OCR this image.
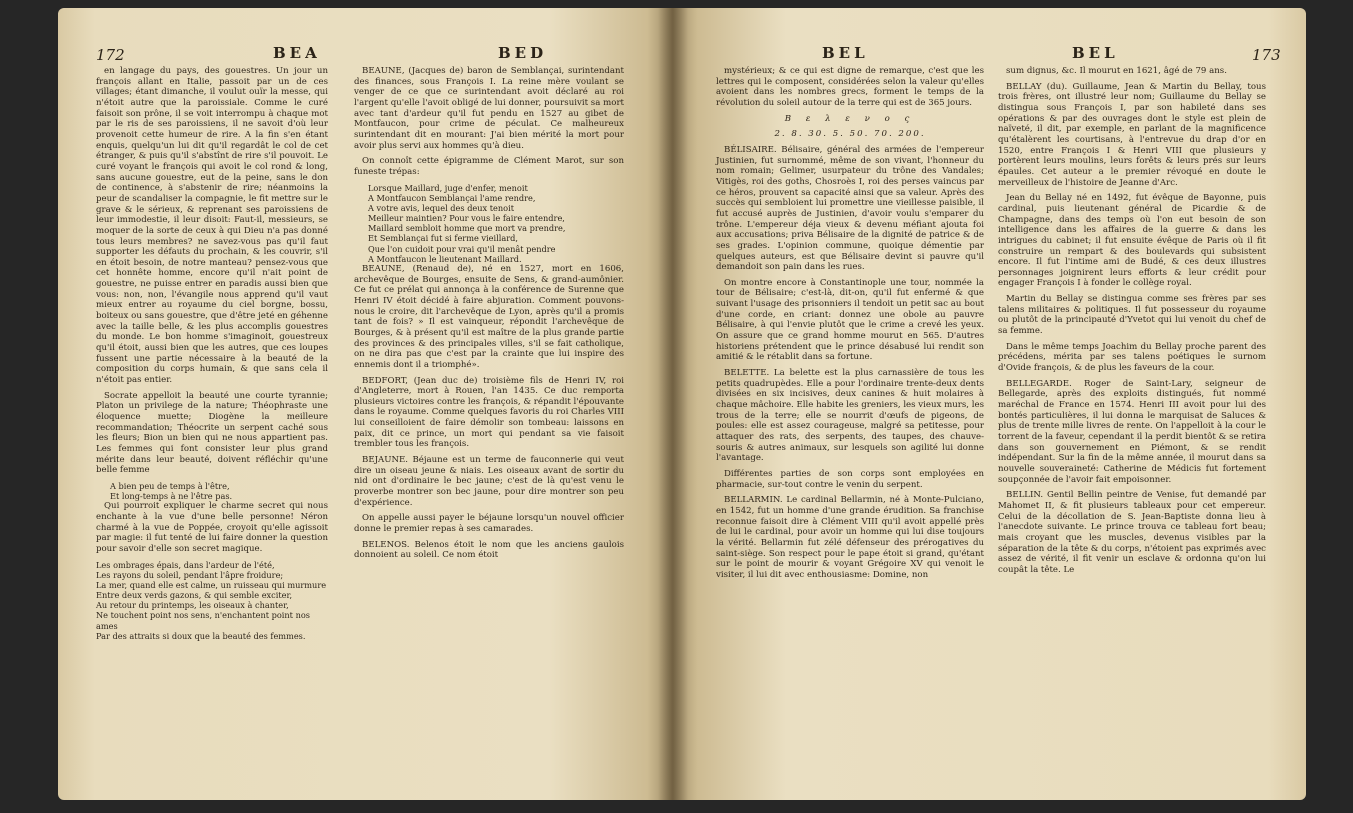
172	BEA	BED

en langage du pays, des gouestres. Un jour un françois allant en Italie, passoit par un de ces villages; étant dimanche, il voulut ouïr la messe, qui n'étoit autre que la paroissiale. Comme le curé faisoit son prône, il se voit interrompu à chaque mot par le ris de ses paroissiens, il ne savoit d'où leur provenoit cette humeur de rire. A la fin s'en étant enquis, quelqu'un lui dit qu'il regardât le col de cet étranger, & puis qu'il s'abstînt de rire s'il pouvoit. Le curé voyant le françois qui avoit le col rond & long, sans aucune gouestre, eut de la peine, sans le don de continence, à s'abstenir de rire; néanmoins la peur de scandaliser la compagnie, le fit mettre sur le grave & le sérieux, & reprenant ses paroissiens de leur immodestie, il leur disoit: Faut-il, messieurs, se moquer de la sorte de ceux à qui Dieu n'a pas donné tous leurs membres? ne savez-vous pas qu'il faut supporter les défauts du prochain, & les couvrir, s'il en étoit besoin, de notre manteau? pensez-vous que cet honnête homme, encore qu'il n'ait point de gouestre, ne puisse entrer en paradis aussi bien que vous: non, non, l'évangile nous apprend qu'il vaut mieux entrer au royaume du ciel borgne, bossu, boiteux ou sans gouestre, que d'être jeté en géhenne avec la taille belle, & les plus accomplis gouestres du monde. Le bon homme s'imaginoit, gouestreux qu'il étoit, aussi bien que les autres, que ces loupes fussent une partie nécessaire à la beauté de la composition du corps humain, & que sans cela il n'étoit pas entier.

Socrate appelloit la beauté une courte tyrannie; Platon un privilege de la nature; Théophraste une éloquence muette; Diogène la meilleure recommandation; Théocrite un serpent caché sous les fleurs; Bion un bien qui ne nous appartient pas. Les femmes qui font consister leur plus grand mérite dans leur beauté, doivent réfléchir qu'une belle femme

A bien peu de temps à l'être,
Et long-temps à ne l'être pas.

Qui pourroit expliquer le charme secret qui nous enchante à la vue d'une belle personne! Néron charmé à la vue de Poppée, croyoit qu'elle agissoit par magie: il fut tenté de lui faire donner la question pour savoir d'elle son secret magique.

Les ombrages épais, dans l'ardeur de l'été,
Les rayons du soleil, pendant l'âpre froidure;
La mer, quand elle est calme, un ruisseau qui murmure
Entre deux verds gazons, & qui semble exciter,
Au retour du printemps, les oiseaux à chanter,
Ne touchent point nos sens, n'enchantent point nos ames
Par des attraits si doux que la beauté des femmes.

BEAUNE, (Jacques de) baron de Semblançai, surintendant des finances, sous François I. La reine mère voulant se venger de ce que ce surintendant avoit déclaré au roi l'argent qu'elle l'avoit obligé de lui donner, poursuivit sa mort avec tant d'ardeur qu'il fut pendu en 1527 au gibet de Montfaucon, pour crime de péculat. Ce malheureux surintendant dit en mourant: J'ai bien mérité la mort pour avoir plus servi aux hommes qu'à dieu.

On connoît cette épigramme de Clément Marot, sur son funeste trépas:

Lorsque Maillard, juge d'enfer, menoit
A Montfaucon Semblançai l'ame rendre,
A votre avis, lequel des deux tenoit
Meilleur maintien? Pour vous le faire entendre,
Maillard sembloit homme que mort va prendre,
Et Semblançai fut si ferme vieillard,
Que l'on cuidoit pour vrai qu'il menât pendre
A Montfaucon le lieutenant Maillard.

BEAUNE, (Renaud de), né en 1527, mort en 1606, archevêque de Bourges, ensuite de Sens, & grand-aumônier. Ce fut ce prélat qui annonça à la conférence de Surenne que Henri IV étoit décidé à faire abjuration. Comment pouvons-nous le croire, dit l'archevêque de Lyon, après qu'il a promis tant de fois? » Il est vainqueur, répondit l'archevêque de Bourges, & à présent qu'il est maître de la plus grande partie des provinces & des principales villes, s'il se fait catholique, on ne dira pas que c'est par la crainte que lui inspire des ennemis dont il a triomphé».

BEDFORT, (Jean duc de) troisième fils de Henri IV, roi d'Angleterre, mort à Rouen, l'an 1435. Ce duc remporta plusieurs victoires contre les françois, & répandit l'épouvante dans le royaume. Comme quelques favoris du roi Charles VIII lui conseilloient de faire démolir son tombeau: laissons en paix, dit ce prince, un mort qui pendant sa vie faisoit trembler tous les françois.

BEJAUNE. Béjaune est un terme de fauconnerie qui veut dire un oiseau jeune & niais. Les oiseaux avant de sortir du nid ont d'ordinaire le bec jaune; c'est de là qu'est venu le proverbe montrer son bec jaune, pour dire montrer son peu d'expérience.

On appelle aussi payer le béjaune lorsqu'un nouvel officier donne le premier repas à ses camarades.

BELENOS. Belenos étoit le nom que les anciens gaulois donnoient au soleil. Ce nom étoit

BEL	BEL	173

mystérieux; & ce qui est digne de remarque, c'est que les lettres qui le composent, considérées selon la valeur qu'elles avoient dans les nombres grecs, forment le temps de la révolution du soleil autour de la terre qui est de 365 jours.

Β ε λ ε ν ο ς

2. 8. 30. 5. 50. 70. 200.

BÉLISAIRE. Bélisaire, général des armées de l'empereur Justinien, fut surnommé, même de son vivant, l'honneur du nom romain; Gelimer, usurpateur du trône des Vandales; Vitigès, roi des goths, Chosroès I, roi des perses vaincus par ce héros, prouvent sa capacité ainsi que sa valeur. Après des succès qui sembloient lui promettre une vieillesse paisible, il fut accusé auprès de Justinien, d'avoir voulu s'emparer du trône. L'empereur déja vieux & devenu méfiant ajouta foi aux accusations; priva Bélisaire de la dignité de patrice & de ses grades. L'opinion commune, quoique démentie par quelques auteurs, est que Bélisaire devint si pauvre qu'il demandoit son pain dans les rues.

On montre encore à Constantinople une tour, nommée la tour de Bélisaire; c'est-là, dit-on, qu'il fut enfermé & que suivant l'usage des prisonniers il tendoit un petit sac au bout d'une corde, en criant: donnez une obole au pauvre Bélisaire, à qui l'envie plutôt que le crime a crevé les yeux. On assure que ce grand homme mourut en 565. D'autres historiens prétendent que le prince désabusé lui rendit son amitié & le rétablit dans sa fortune.

BELETTE. La belette est la plus carnassière de tous les petits quadrupèdes. Elle a pour l'ordinaire trente-deux dents divisées en six incisives, deux canines & huit molaires à chaque mâchoire. Elle habite les greniers, les vieux murs, les trous de la terre; elle se nourrit d'œufs de pigeons, de poules: elle est assez courageuse, malgré sa petitesse, pour attaquer des rats, des serpents, des taupes, des chauve-souris & autres animaux, sur lesquels son agilité lui donne l'avantage.

Différentes parties de son corps sont employées en pharmacie, sur-tout contre le venin du serpent.

BELLARMIN. Le cardinal Bellarmin, né à Monte-Pulciano, en 1542, fut un homme d'une grande érudition. Sa franchise reconnue faisoit dire à Clément VIII qu'il avoit appellé près de lui le cardinal, pour avoir un homme qui lui dise toujours la vérité. Bellarmin fut zélé défenseur des prérogatives du saint-siège. Son respect pour le pape étoit si grand, qu'étant sur le point de mourir & voyant Grégoire XV qui venoit le visiter, il lui dit avec enthousiasme: Domine, non

sum dignus, &c. Il mourut en 1621, âgé de 79 ans.

BELLAY (du). Guillaume, Jean & Martin du Bellay, tous trois frères, ont illustré leur nom; Guillaume du Bellay se distingua sous François I, par son habileté dans ses opérations & par des ouvrages dont le style est plein de naïveté, il dit, par exemple, en parlant de la magnificence qu'étalèrent les courtisans, à l'entrevue du drap d'or en 1520, entre François I & Henri VIII que plusieurs y portèrent leurs moulins, leurs forêts & leurs prés sur leurs épaules. Cet auteur a le premier révoqué en doute le merveilleux de l'histoire de Jeanne d'Arc.

Jean du Bellay né en 1492, fut évêque de Bayonne, puis cardinal, puis lieutenant général de Picardie & de Champagne, dans des temps où l'on eut besoin de son intelligence dans les affaires de la guerre & dans les intrigues du cabinet; il fut ensuite évêque de Paris où il fit construire un rempart & des boulevards qui subsistent encore. Il fut l'intime ami de Budé, & ces deux illustres personnages joignirent leurs efforts & leur crédit pour engager François I à fonder le collège royal.

Martin du Bellay se distingua comme ses frères par ses talens militaires & politiques. Il fut possesseur du royaume ou plutôt de la principauté d'Yvetot qui lui venoit du chef de sa femme.

Dans le même temps Joachim du Bellay proche parent des précédens, mérita par ses talens poétiques le surnom d'Ovide françois, & de plus les faveurs de la cour.

BELLEGARDE. Roger de Saint-Lary, seigneur de Bellegarde, après des exploits distingués, fut nommé maréchal de France en 1574. Henri III avoit pour lui des bontés particulières, il lui donna le marquisat de Saluces & plus de trente mille livres de rente. On l'appelloit à la cour le torrent de la faveur, cependant il la perdit bientôt & se retira dans son gouvernement en Piémont, & se rendit indépendant. Sur la fin de la même année, il mourut dans sa nouvelle souveraineté: Catherine de Médicis fut fortement soupçonnée de l'avoir fait empoisonner.

BELLIN. Gentil Bellin peintre de Venise, fut demandé par Mahomet II, & fit plusieurs tableaux pour cet empereur. Celui de la décollation de S. Jean-Baptiste donna lieu à l'anecdote suivante. Le prince trouva ce tableau fort beau; mais croyant que les muscles, devenus visibles par la séparation de la tête & du corps, n'étoient pas exprimés avec assez de vérité, il fit venir un esclave & ordonna qu'on lui coupât la tête. Le
